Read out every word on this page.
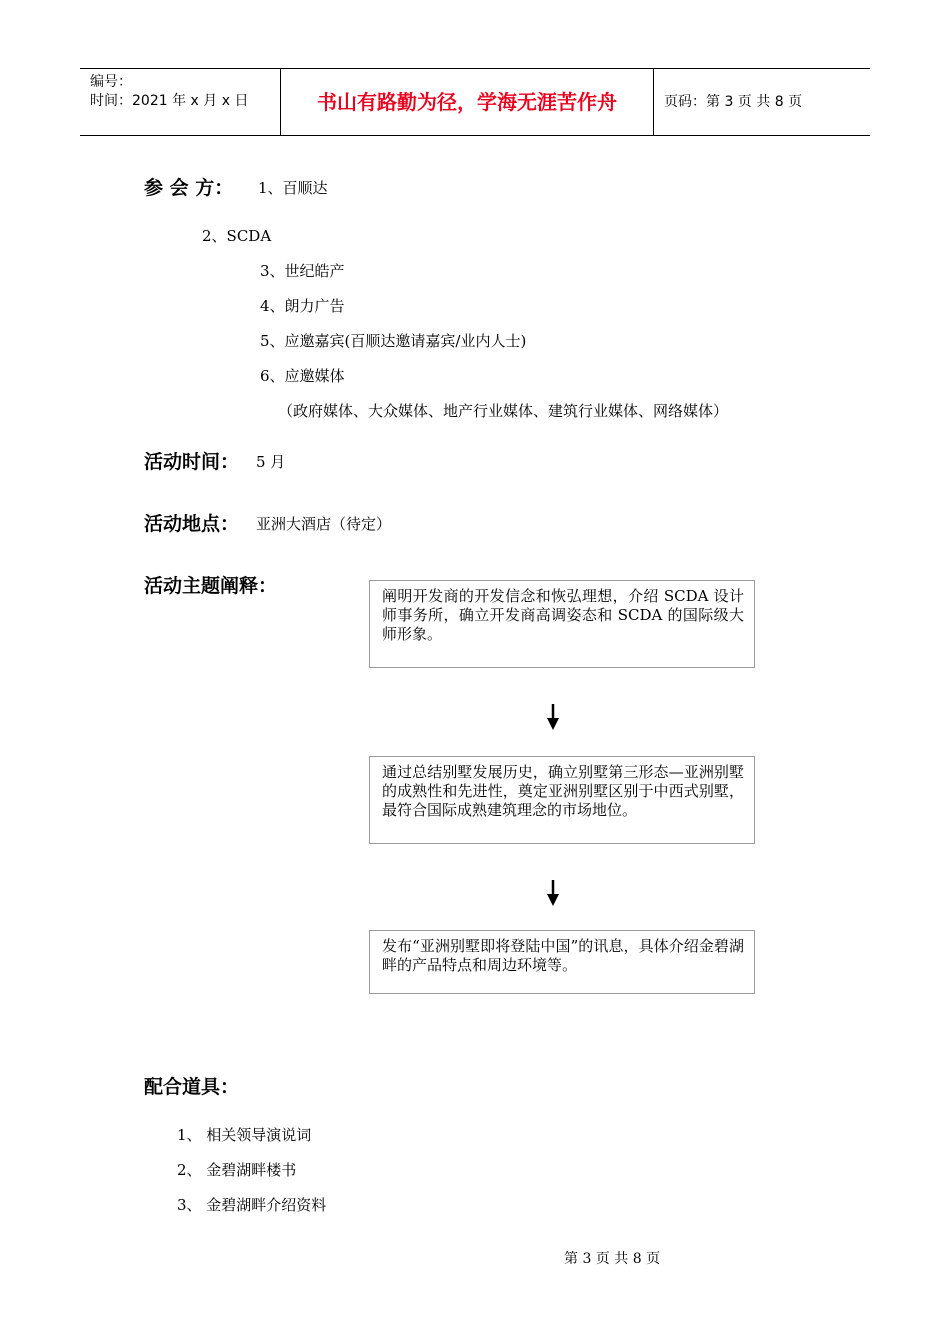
编号：
时间：2021 年 x 月 x 日	书山有路勤为径，学海无涯苦作舟	页码：第 3 页 共 8 页
参 会 方： 1、百顺达
2、SCDA
3、世纪皓产
4、朗力广告
5、应邀嘉宾(百顺达邀请嘉宾/业内人士)
6、应邀媒体
（政府媒体、大众媒体、地产行业媒体、建筑行业媒体、网络媒体）
活动时间： 5 月
活动地点： 亚洲大酒店（待定）
活动主题阐释：	阐明开发商的开发信念和恢弘理想，介绍 SCDA 设计师事务所，确立开发商高调姿态和 SCDA 的国际级大师形象。
通过总结别墅发展历史，确立别墅第三形态—亚洲别墅的成熟性和先进性，奠定亚洲别墅区别于中西式别墅，最符合国际成熟建筑理念的市场地位。
发布“亚洲别墅即将登陆中国”的讯息，具体介绍金碧湖畔的产品特点和周边环境等。
配合道具：
1、 相关领导演说词
2、 金碧湖畔楼书
3、 金碧湖畔介绍资料
第 3 页 共 8 页
